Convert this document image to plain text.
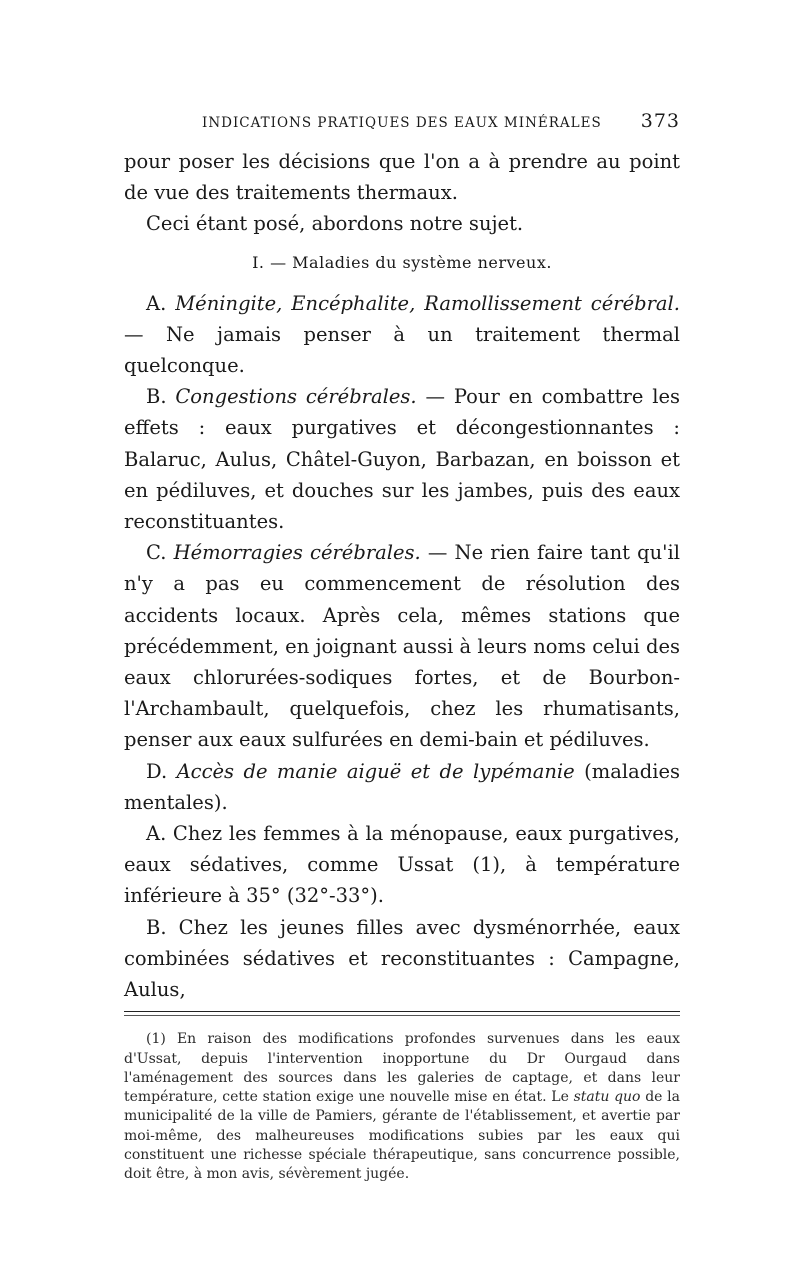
INDICATIONS PRATIQUES DES EAUX MINÉRALES 373

pour poser les décisions que l'on a à prendre au point de vue des traitements thermaux.

Ceci étant posé, abordons notre sujet.

I. — Maladies du système nerveux.

A. Méningite, Encéphalite, Ramollissement cérébral. — Ne jamais penser à un traitement thermal quelconque.

B. Congestions cérébrales. — Pour en combattre les effets : eaux purgatives et décongestionnantes : Balaruc, Aulus, Châtel-Guyon, Barbazan, en boisson et en pédiluves, et douches sur les jambes, puis des eaux reconstituantes.

C. Hémorragies cérébrales. — Ne rien faire tant qu'il n'y a pas eu commencement de résolution des accidents locaux. Après cela, mêmes stations que précédemment, en joignant aussi à leurs noms celui des eaux chlorurées-sodiques fortes, et de Bourbon-l'Archambault, quelquefois, chez les rhumatisants, penser aux eaux sulfurées en demi-bain et pédiluves.

D. Accès de manie aiguë et de lypémanie (maladies mentales).

A. Chez les femmes à la ménopause, eaux purgatives, eaux sédatives, comme Ussat (1), à température inférieure à 35° (32°-33°).

B. Chez les jeunes filles avec dysménorrhée, eaux combinées sédatives et reconstituantes : Campagne, Aulus,

(1) En raison des modifications profondes survenues dans les eaux d'Ussat, depuis l'intervention inopportune du Dr Ourgaud dans l'aménagement des sources dans les galeries de captage, et dans leur température, cette station exige une nouvelle mise en état. Le statu quo de la municipalité de la ville de Pamiers, gérante de l'établissement, et avertie par moi-même, des malheureuses modifications subies par les eaux qui constituent une richesse spéciale thérapeutique, sans concurrence possible, doit être, à mon avis, sévèrement jugée.
